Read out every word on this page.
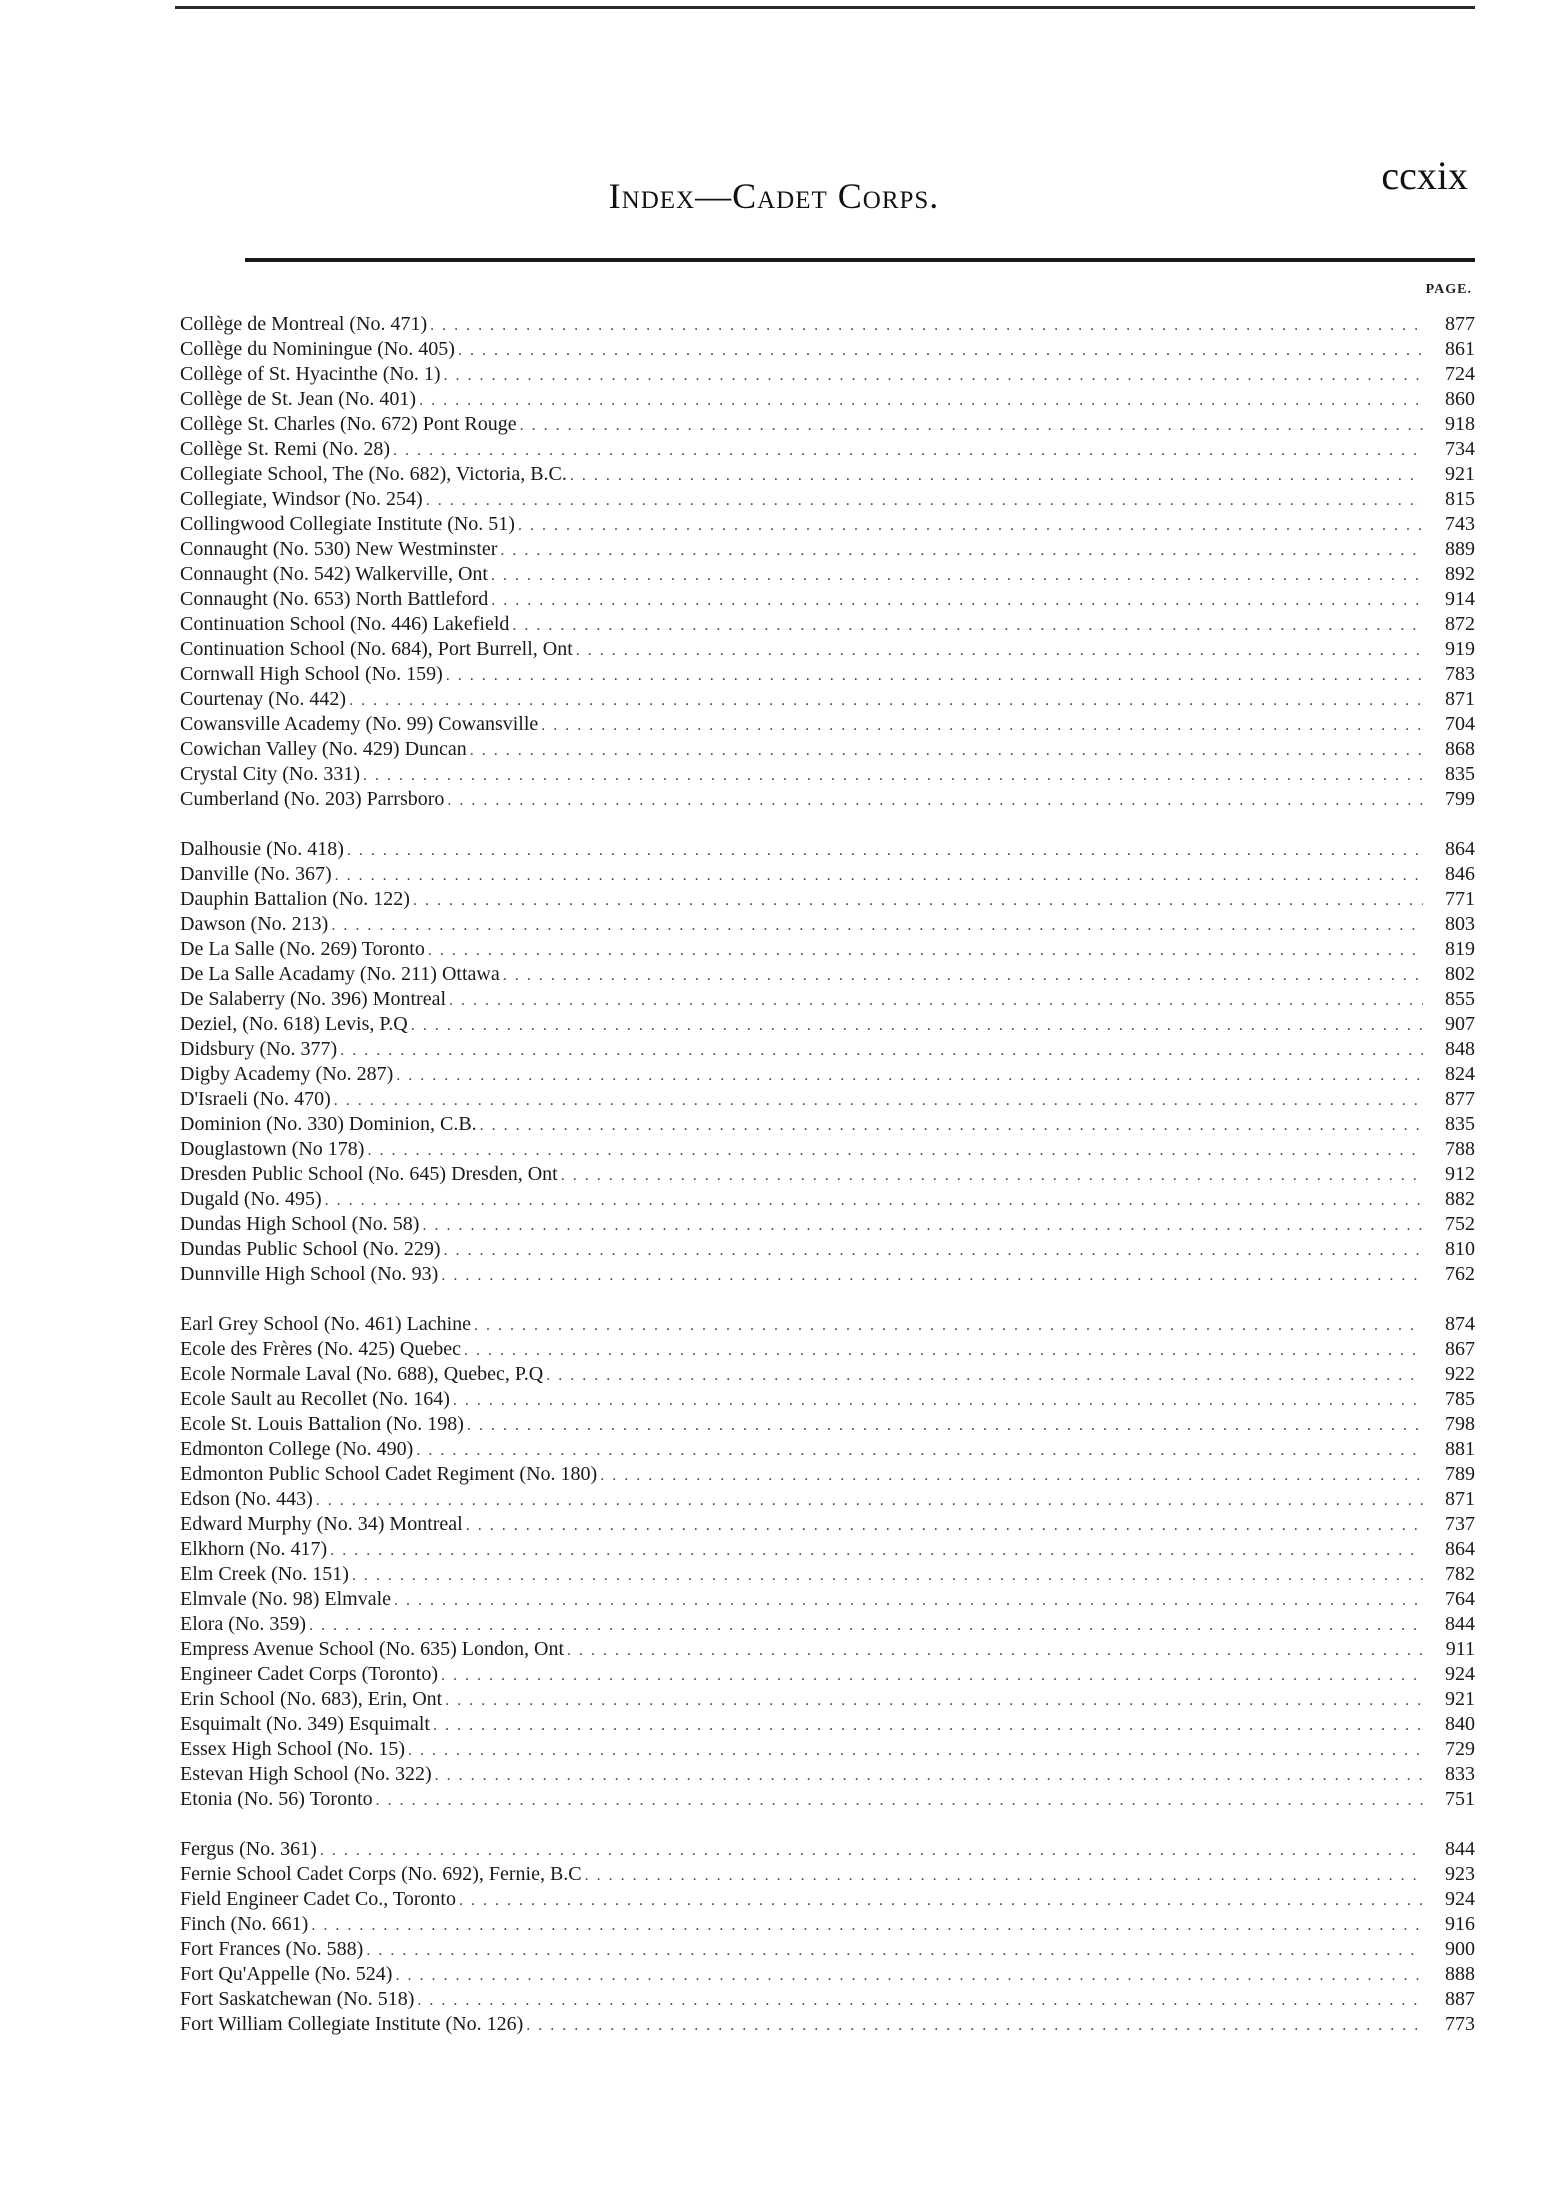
Index—Cadet Corps.	ccxix
PAGE.
Collège de Montreal (No. 471) . . .	877
Collège du Nominingue (No. 405) . . .	861
Collège of St. Hyacinthe (No. 1) . . .	724
Collège de St. Jean (No. 401) . . .	860
Collège St. Charles (No. 672) Pont Rouge . . .	918
Collège St. Remi (No. 28) . . .	734
Collegiate School, The (No. 682), Victoria, B.C. . . .	921
Collegiate, Windsor (No. 254) . . .	815
Collingwood Collegiate Institute (No. 51) . . .	743
Connaught (No. 530) New Westminster . . .	889
Connaught (No. 542) Walkerville, Ont . . .	892
Connaught (No. 653) North Battleford . . .	914
Continuation School (No. 446) Lakefield . . .	872
Continuation School (No. 684), Port Burrell, Ont . . .	919
Cornwall High School (No. 159) . . .	783
Courtenay (No. 442) . . .	871
Cowansville Academy (No. 99) Cowansville . . .	704
Cowichan Valley (No. 429) Duncan . . .	868
Crystal City (No. 331) . . .	835
Cumberland (No. 203) Parrsboro . . .	799
Dalhousie (No. 418) . . .	864
Danville (No. 367) . . .	846
Dauphin Battalion (No. 122) . . .	771
Dawson (No. 213) . . .	803
De La Salle (No. 269) Toronto . . .	819
De La Salle Acadamy (No. 211) Ottawa . . .	802
De Salaberry (No. 396) Montreal . . .	855
Deziel, (No. 618) Levis, P.Q . . .	907
Didsbury (No. 377) . . .	848
Digby Academy (No. 287) . . .	824
D'Israeli (No. 470) . . .	877
Dominion (No. 330) Dominion, C.B. . . .	835
Douglastown (No 178) . . .	788
Dresden Public School (No. 645) Dresden, Ont . . .	912
Dugald (No. 495) . . .	882
Dundas High School (No. 58) . . .	752
Dundas Public School (No. 229) . . .	810
Dunnville High School (No. 93) . . .	762
Earl Grey School (No. 461) Lachine . . .	874
Ecole des Frères (No. 425) Quebec . . .	867
Ecole Normale Laval (No. 688), Quebec, P.Q . . .	922
Ecole Sault au Recollet (No. 164) . . .	785
Ecole St. Louis Battalion (No. 198) . . .	798
Edmonton College (No. 490) . . .	881
Edmonton Public School Cadet Regiment (No. 180) . . .	789
Edson (No. 443) . . .	871
Edward Murphy (No. 34) Montreal . . .	737
Elkhorn (No. 417) . . .	864
Elm Creek (No. 151) . . .	782
Elmvale (No. 98) Elmvale . . .	764
Elora (No. 359) . . .	844
Empress Avenue School (No. 635) London, Ont . . .	911
Engineer Cadet Corps (Toronto) . . .	924
Erin School (No. 683), Erin, Ont . . .	921
Esquimalt (No. 349) Esquimalt . . .	840
Essex High School (No. 15) . . .	729
Estevan High School (No. 322) . . .	833
Etonia (No. 56) Toronto . . .	751
Fergus (No. 361) . . .	844
Fernie School Cadet Corps (No. 692), Fernie, B.C . . .	923
Field Engineer Cadet Co., Toronto . . .	924
Finch (No. 661) . . .	916
Fort Frances (No. 588) . . .	900
Fort Qu'Appelle (No. 524) . . .	888
Fort Saskatchewan (No. 518) . . .	887
Fort William Collegiate Institute (No. 126) . . .	773
